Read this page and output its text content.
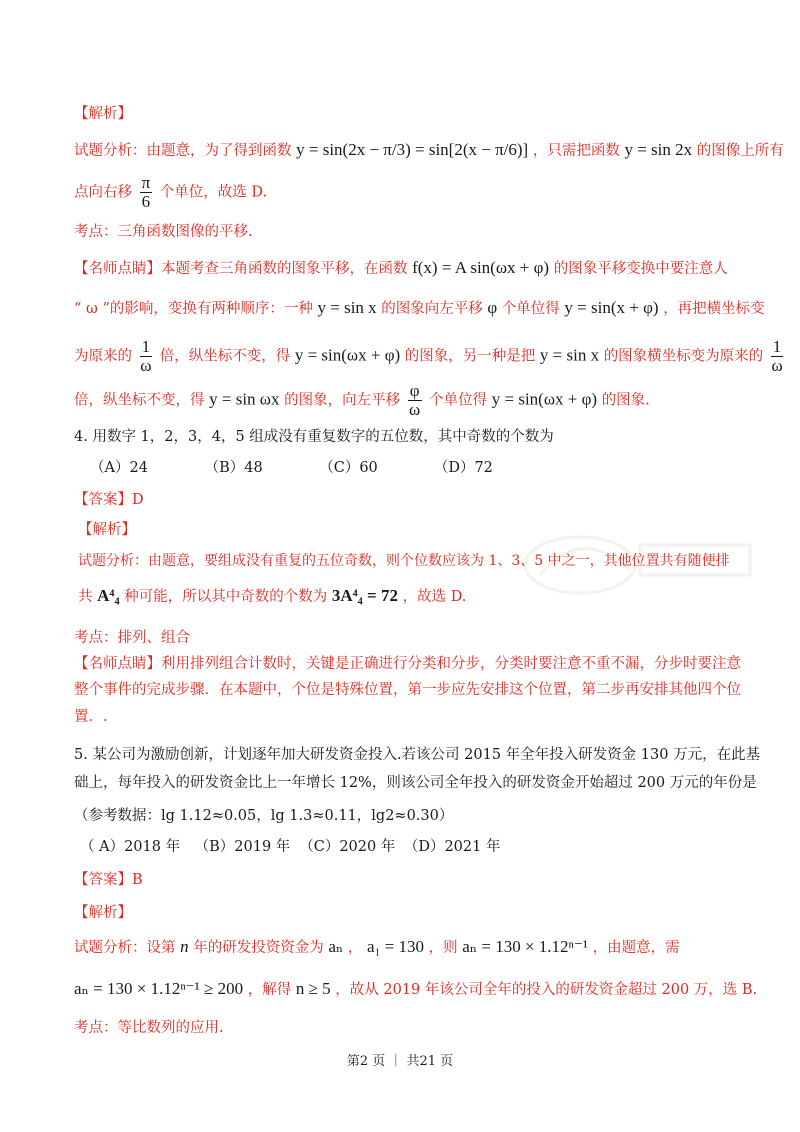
【解析】
试题分析：由题意，为了得到函数 y = sin(2x − π/3) = sin[2(x − π/6)] ，只需把函数 y = sin 2x 的图像上所有
点向右移 $\frac{\pi}{6}$ 个单位，故选 D.
考点：三角函数图像的平移.
【名师点睛】本题考查三角函数的图象平移，在函数 f(x) = A sin(ωx + φ) 的图象平移变换中要注意人
“ ω ”的影响，变换有两种顺序：一种 y = sin x 的图象向左平移 φ 个单位得 y = sin(x + φ) ，再把横坐标变
为原来的 $\frac{1}{\omega}$ 倍，纵坐标不变，得 y = sin(ωx + φ) 的图象，另一种是把 y = sin x 的图象横坐标变为原来的 $\frac{1}{\omega}$
倍，纵坐标不变，得 y = sin ωx 的图象，向左平移 $\frac{\varphi}{\omega}$ 个单位得 y = sin(ωx + φ) 的图象.
4. 用数字 1，2，3，4，5 组成没有重复数字的五位数，其中奇数的个数为
（A）24	（B）48	（C）60	（D）72
【答案】D
【解析】
试题分析：由题意，要组成没有重复的五位奇数，则个位数应该为 1、3、5 中之一，其他位置共有随便排
共 A⁴₄ 种可能，所以其中奇数的个数为 3A⁴₄ = 72 ，故选 D.
考点：排列、组合
【名师点睛】利用排列组合计数时，关键是正确进行分类和分步，分类时要注意不重不漏，分步时要注意
整个事件的完成步骤．在本题中，个位是特殊位置，第一步应先安排这个位置，第二步再安排其他四个位
置．.
5. 某公司为激励创新，计划逐年加大研发资金投入.若该公司 2015 年全年投入研发资金 130 万元，在此基
础上，每年投入的研发资金比上一年增长 12%，则该公司全年投入的研发资金开始超过 200 万元的年份是
（参考数据：lg 1.12≈0.05，lg 1.3≈0.11，lg2≈0.30）
（ A）2018 年 （B）2019 年 （C）2020 年 （D）2021 年
【答案】B
【解析】
试题分析：设第 n 年的研发投资资金为 aₙ ， a₁ = 130 ，则 aₙ = 130 × 1.12ⁿ⁻¹ ，由题意，需
aₙ = 130 × 1.12ⁿ⁻¹ ≥ 200 ，解得 n ≥ 5 ，故从 2019 年该公司全年的投入的研发资金超过 200 万，选 B.
考点：等比数列的应用.
第2 页 ｜ 共21 页
